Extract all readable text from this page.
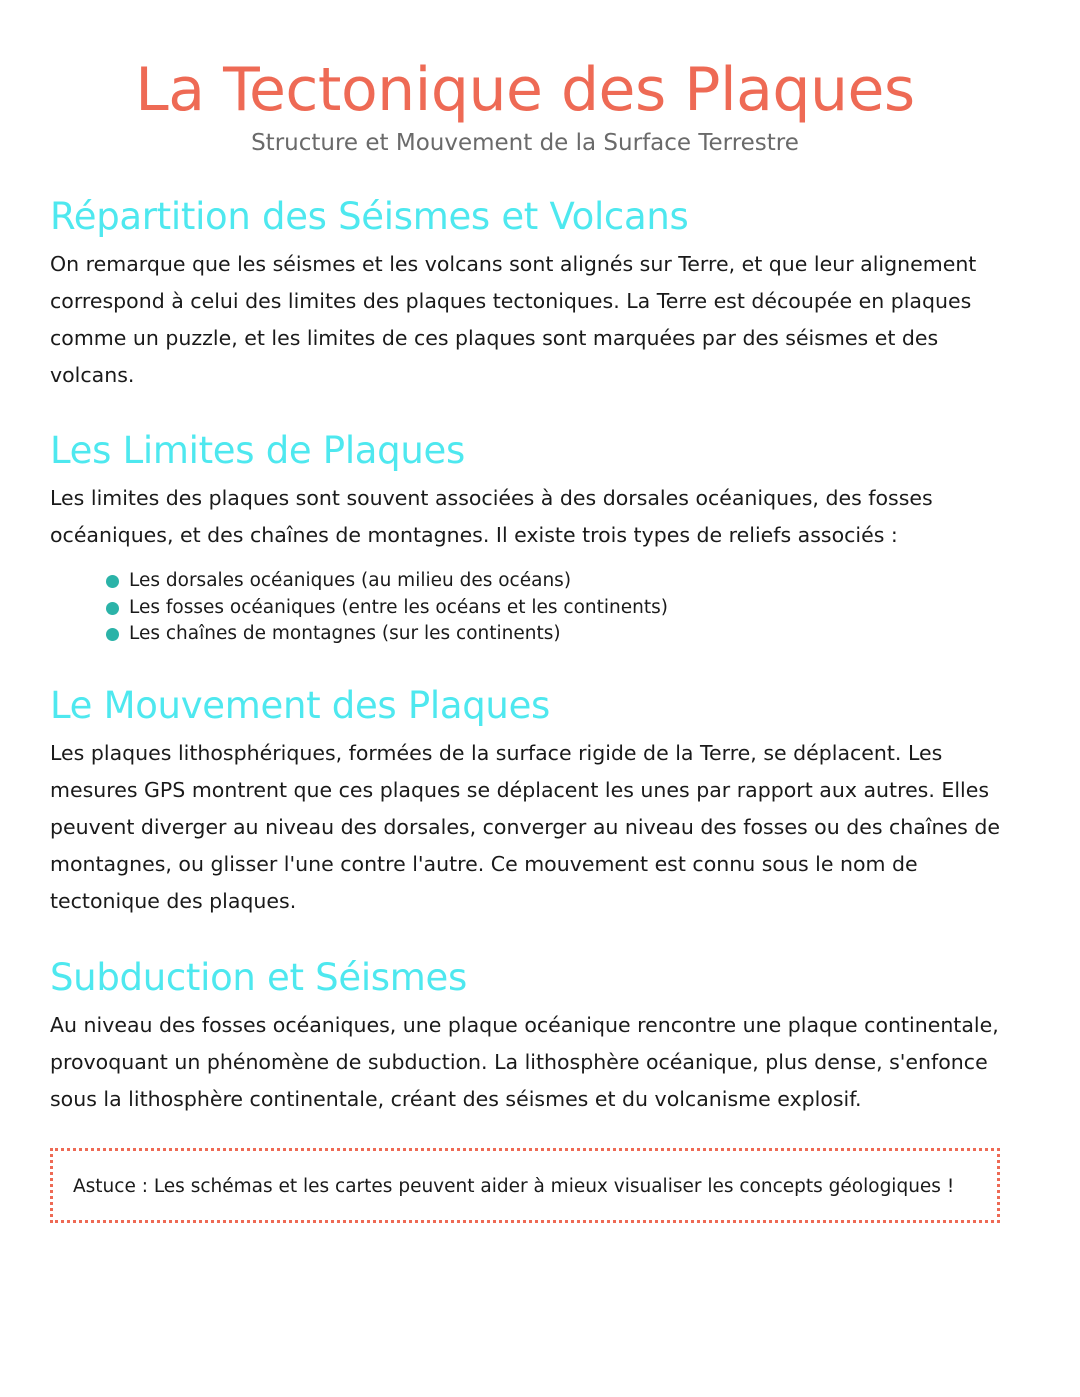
La Tectonique des Plaques
Structure et Mouvement de la Surface Terrestre
Répartition des Séismes et Volcans

On remarque que les séismes et les volcans sont alignés sur Terre, et que leur alignement correspond à celui des limites des plaques tectoniques. La Terre est découpée en plaques comme un puzzle, et les limites de ces plaques sont marquées par des séismes et des volcans.

Les Limites de Plaques

Les limites des plaques sont souvent associées à des dorsales océaniques, des fosses océaniques, et des chaînes de montagnes. Il existe trois types de reliefs associés :

Les dorsales océaniques (au milieu des océans)
Les fosses océaniques (entre les océans et les continents)
Les chaînes de montagnes (sur les continents)
Le Mouvement des Plaques

Les plaques lithosphériques, formées de la surface rigide de la Terre, se déplacent. Les mesures GPS montrent que ces plaques se déplacent les unes par rapport aux autres. Elles peuvent diverger au niveau des dorsales, converger au niveau des fosses ou des chaînes de montagnes, ou glisser l'une contre l'autre. Ce mouvement est connu sous le nom de tectonique des plaques.

Subduction et Séismes

Au niveau des fosses océaniques, une plaque océanique rencontre une plaque continentale, provoquant un phénomène de subduction. La lithosphère océanique, plus dense, s'enfonce sous la lithosphère continentale, créant des séismes et du volcanisme explosif.

Astuce : Les schémas et les cartes peuvent aider à mieux visualiser les concepts géologiques !
